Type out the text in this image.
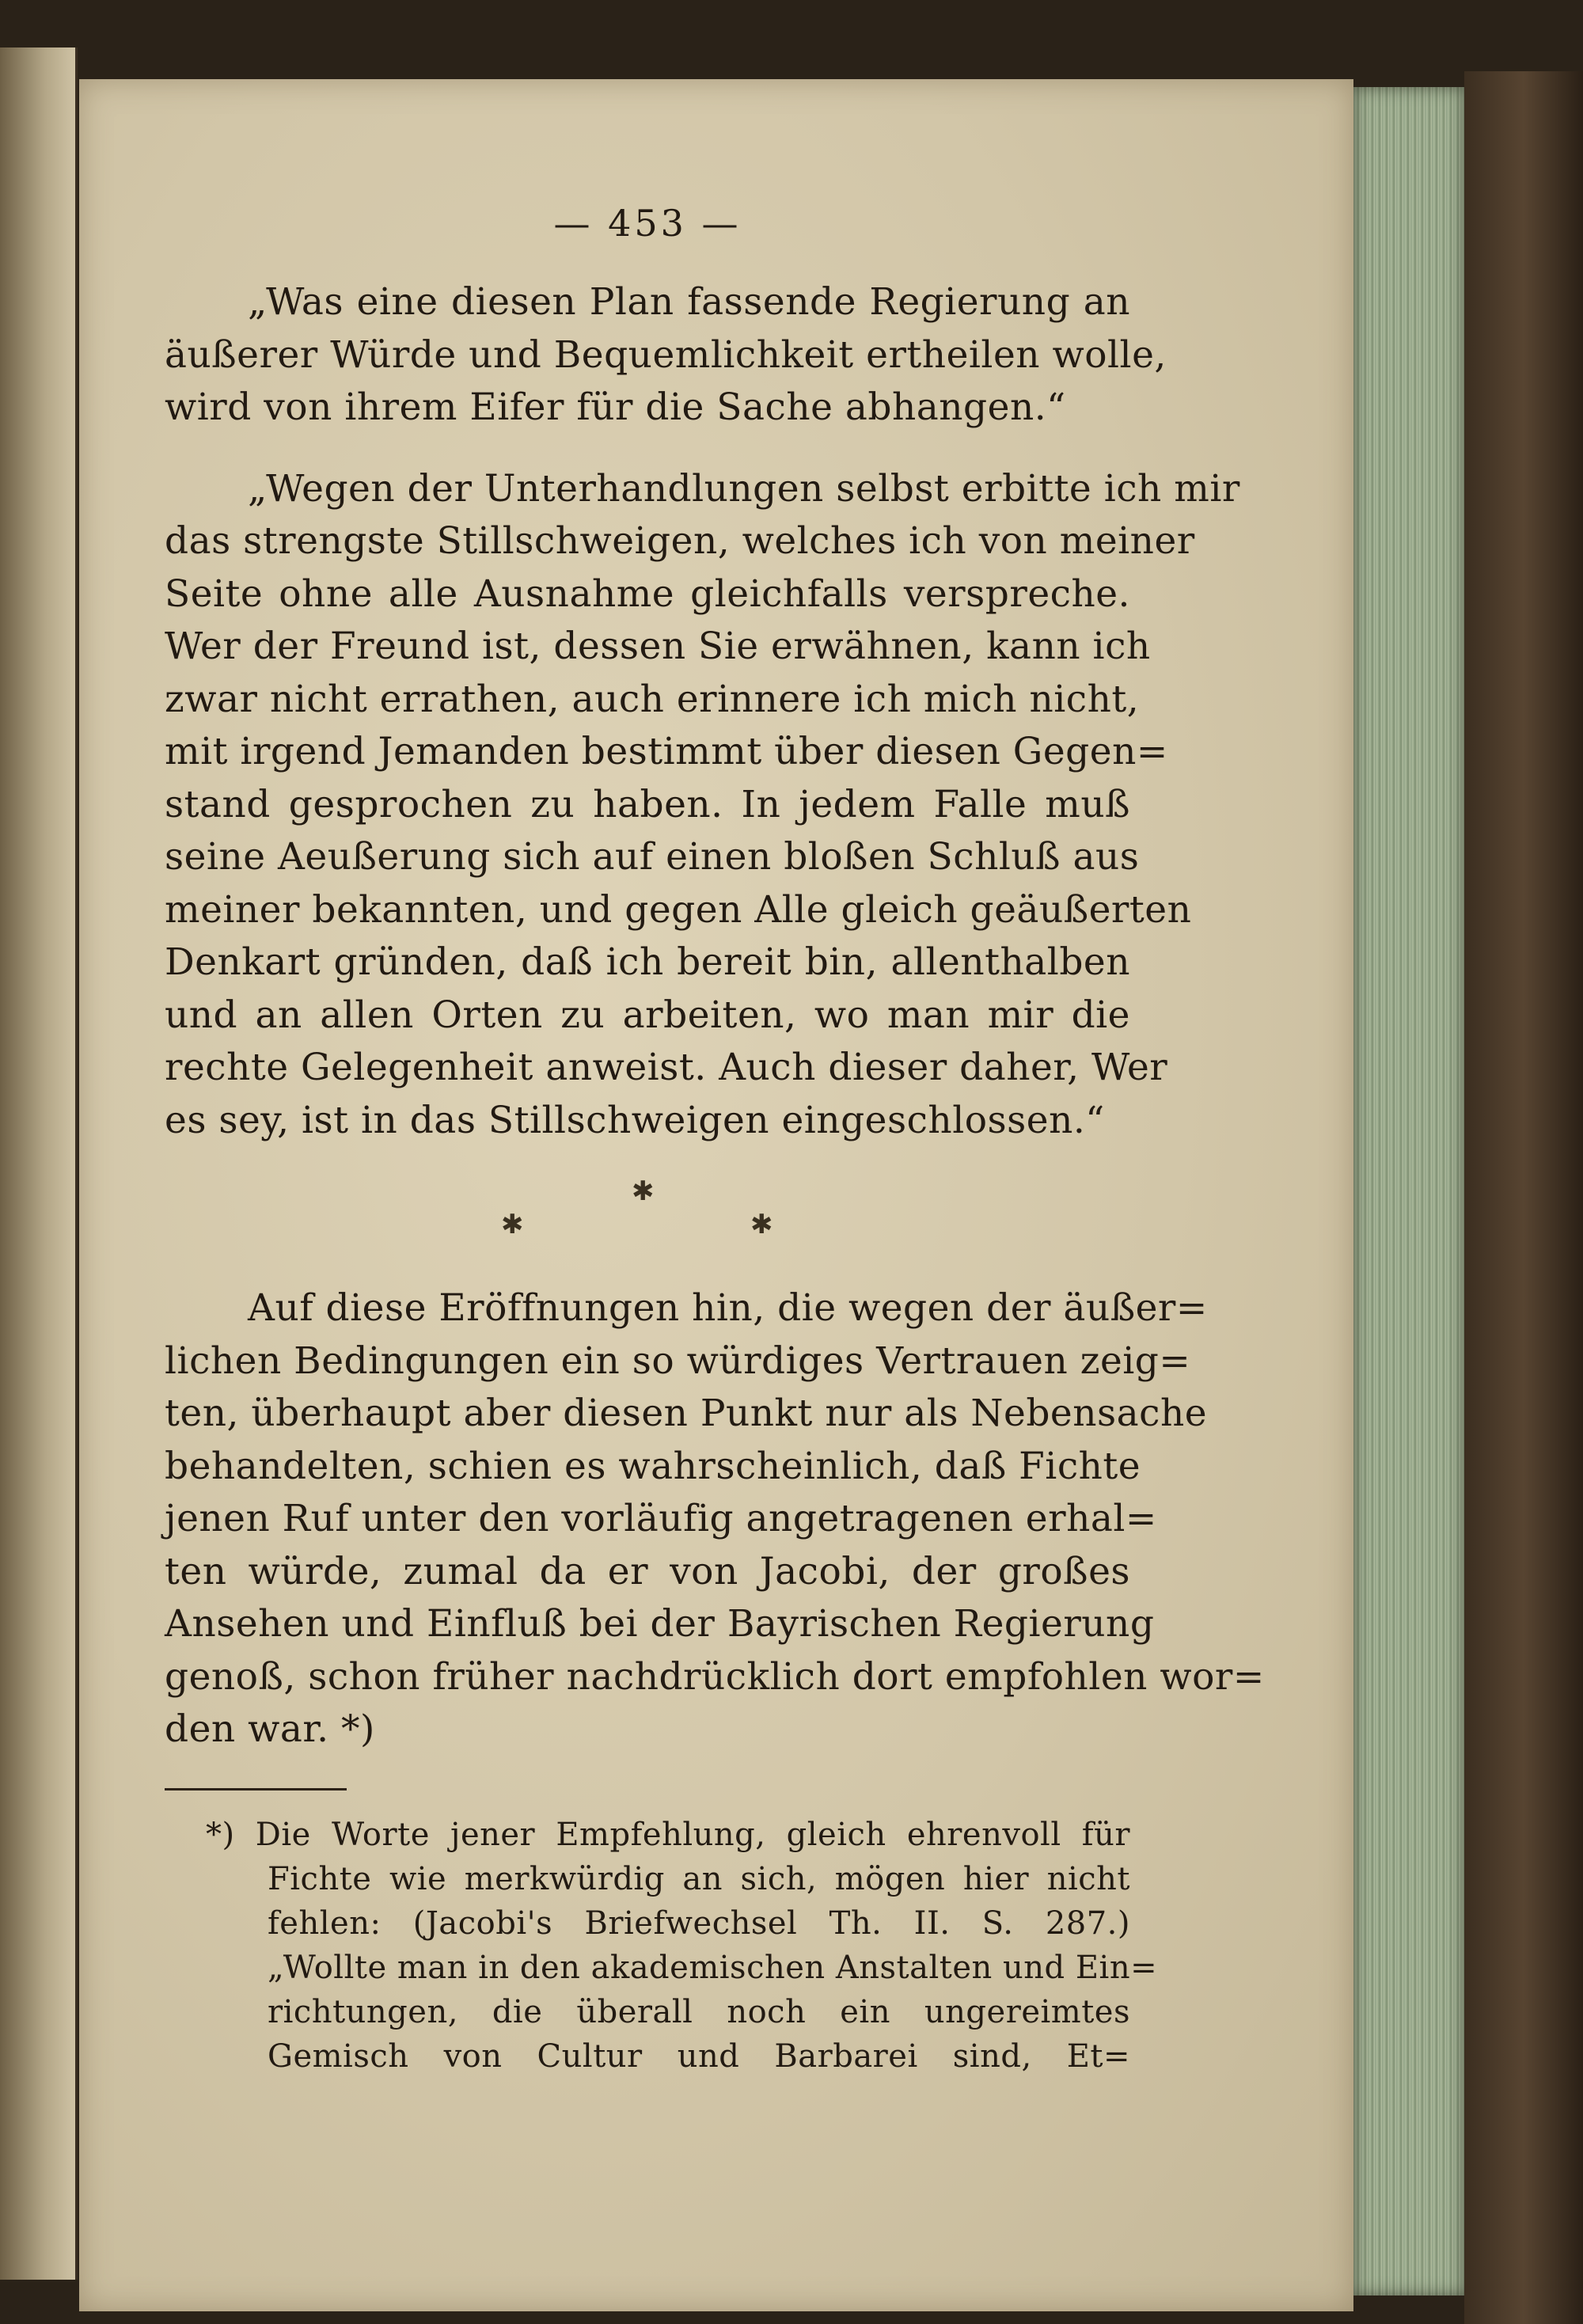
— 453 —
„Was eine diesen Plan fassende Regierung an
äußerer Würde und Bequemlichkeit ertheilen wolle,
wird von ihrem Eifer für die Sache abhangen.“
„Wegen der Unterhandlungen selbst erbitte ich mir
das strengste Stillschweigen, welches ich von meiner
Seite ohne alle Ausnahme gleichfalls verspreche.
Wer der Freund ist, dessen Sie erwähnen, kann ich
zwar nicht errathen, auch erinnere ich mich nicht,
mit irgend Jemanden bestimmt über diesen Gegen=
stand gesprochen zu haben. In jedem Falle muß
seine Aeußerung sich auf einen bloßen Schluß aus
meiner bekannten, und gegen Alle gleich geäußerten
Denkart gründen, daß ich bereit bin, allenthalben
und an allen Orten zu arbeiten, wo man mir die
rechte Gelegenheit anweist. Auch dieser daher, Wer
es sey, ist in das Stillschweigen eingeschlossen.“
✱
✱	✱
Auf diese Eröffnungen hin, die wegen der äußer=
lichen Bedingungen ein so würdiges Vertrauen zeig=
ten, überhaupt aber diesen Punkt nur als Nebensache
behandelten, schien es wahrscheinlich, daß Fichte
jenen Ruf unter den vorläufig angetragenen erhal=
ten würde, zumal da er von Jacobi, der großes
Ansehen und Einfluß bei der Bayrischen Regierung
genoß, schon früher nachdrücklich dort empfohlen wor=
den war. *)
*) Die Worte jener Empfehlung, gleich ehrenvoll für
Fichte wie merkwürdig an sich, mögen hier nicht
fehlen: (Jacobi's Briefwechsel Th. II. S. 287.)
„Wollte man in den akademischen Anstalten und Ein=
richtungen, die überall noch ein ungereimtes
Gemisch von Cultur und Barbarei sind, Et=
